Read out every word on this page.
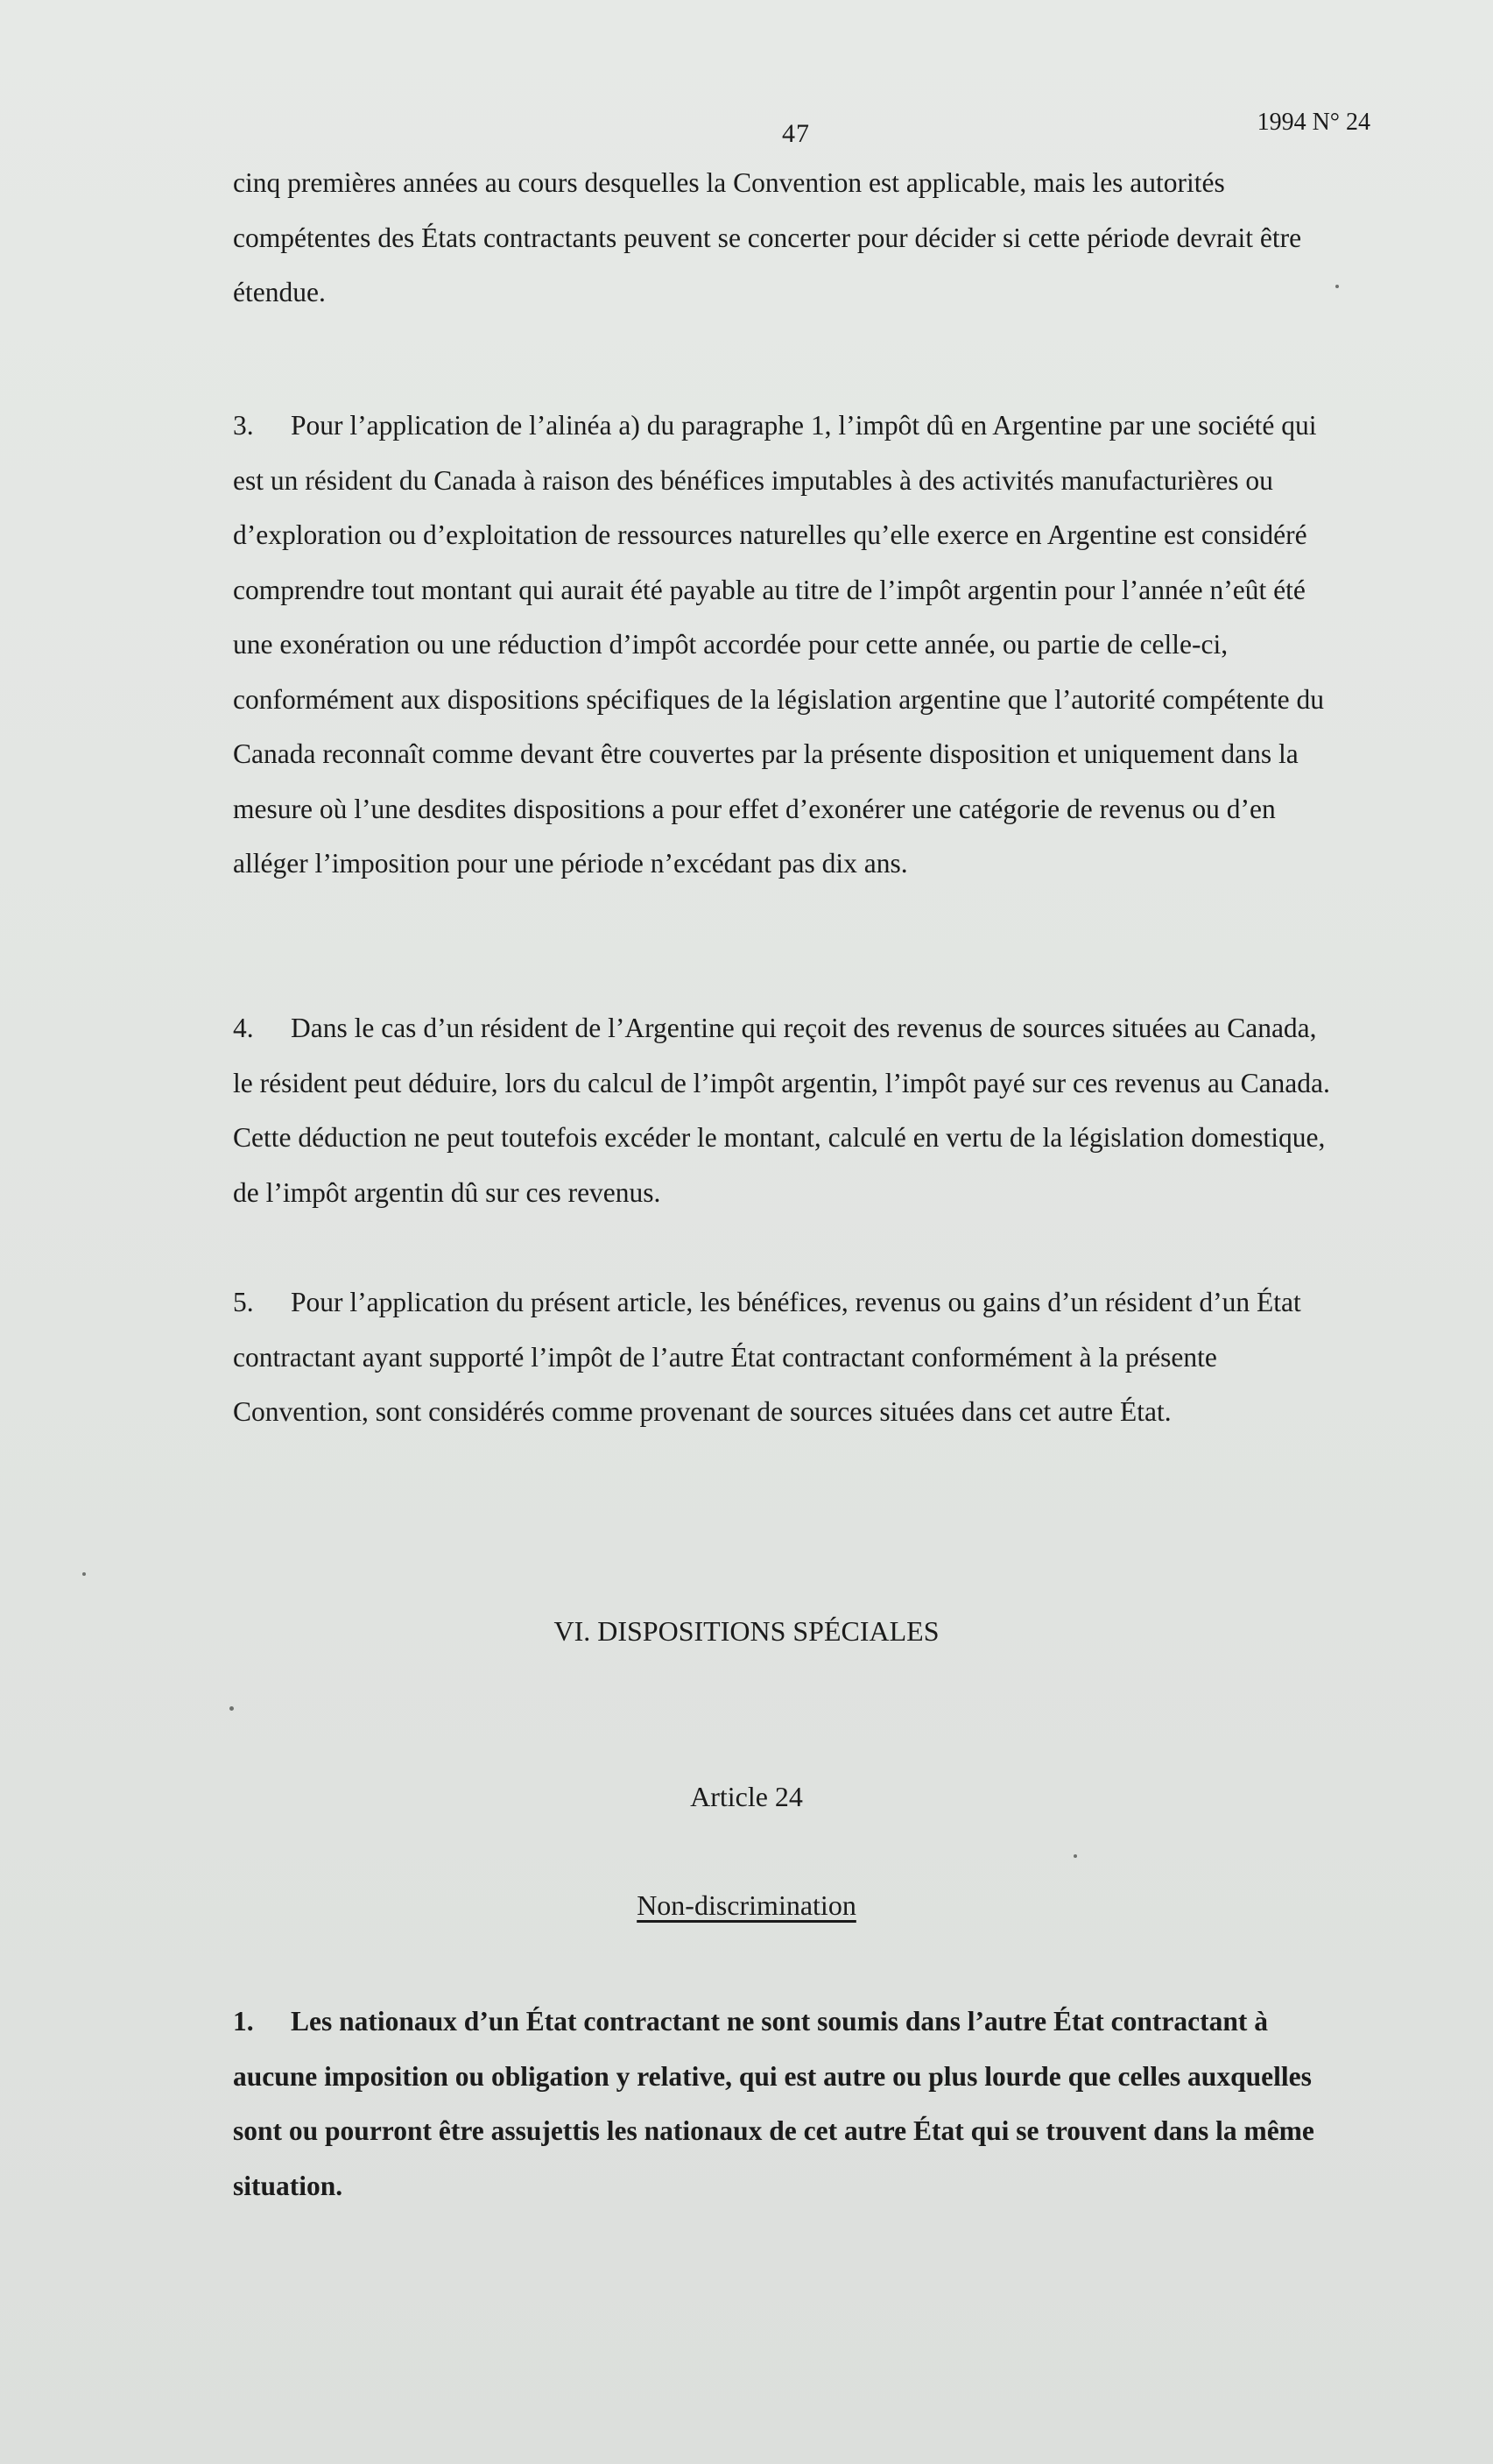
47	1994 N° 24

cinq premières années au cours desquelles la Convention est applicable, mais les autorités compétentes des États contractants peuvent se concerter pour décider si cette période devrait être étendue.

3. Pour l’application de l’alinéa a) du paragraphe 1, l’impôt dû en Argentine par une société qui est un résident du Canada à raison des bénéfices imputables à des activités manufacturières ou d’exploration ou d’exploitation de ressources naturelles qu’elle exerce en Argentine est considéré comprendre tout montant qui aurait été payable au titre de l’impôt argentin pour l’année n’eût été une exonération ou une réduction d’impôt accordée pour cette année, ou partie de celle-ci, conformément aux dispositions spécifiques de la législation argentine que l’autorité compétente du Canada reconnaît comme devant être couvertes par la présente disposition et uniquement dans la mesure où l’une desdites dispositions a pour effet d’exonérer une catégorie de revenus ou d’en alléger l’imposition pour une période n’excédant pas dix ans.

4. Dans le cas d’un résident de l’Argentine qui reçoit des revenus de sources situées au Canada, le résident peut déduire, lors du calcul de l’impôt argentin, l’impôt payé sur ces revenus au Canada. Cette déduction ne peut toutefois excéder le montant, calculé en vertu de la législation domestique, de l’impôt argentin dû sur ces revenus.

5. Pour l’application du présent article, les bénéfices, revenus ou gains d’un résident d’un État contractant ayant supporté l’impôt de l’autre État contractant conformément à la présente Convention, sont considérés comme provenant de sources situées dans cet autre État.

VI. DISPOSITIONS SPÉCIALES
Article 24
Non-discrimination

1. Les nationaux d’un État contractant ne sont soumis dans l’autre État contractant à aucune imposition ou obligation y relative, qui est autre ou plus lourde que celles auxquelles sont ou pourront être assujettis les nationaux de cet autre État qui se trouvent dans la même situation.
